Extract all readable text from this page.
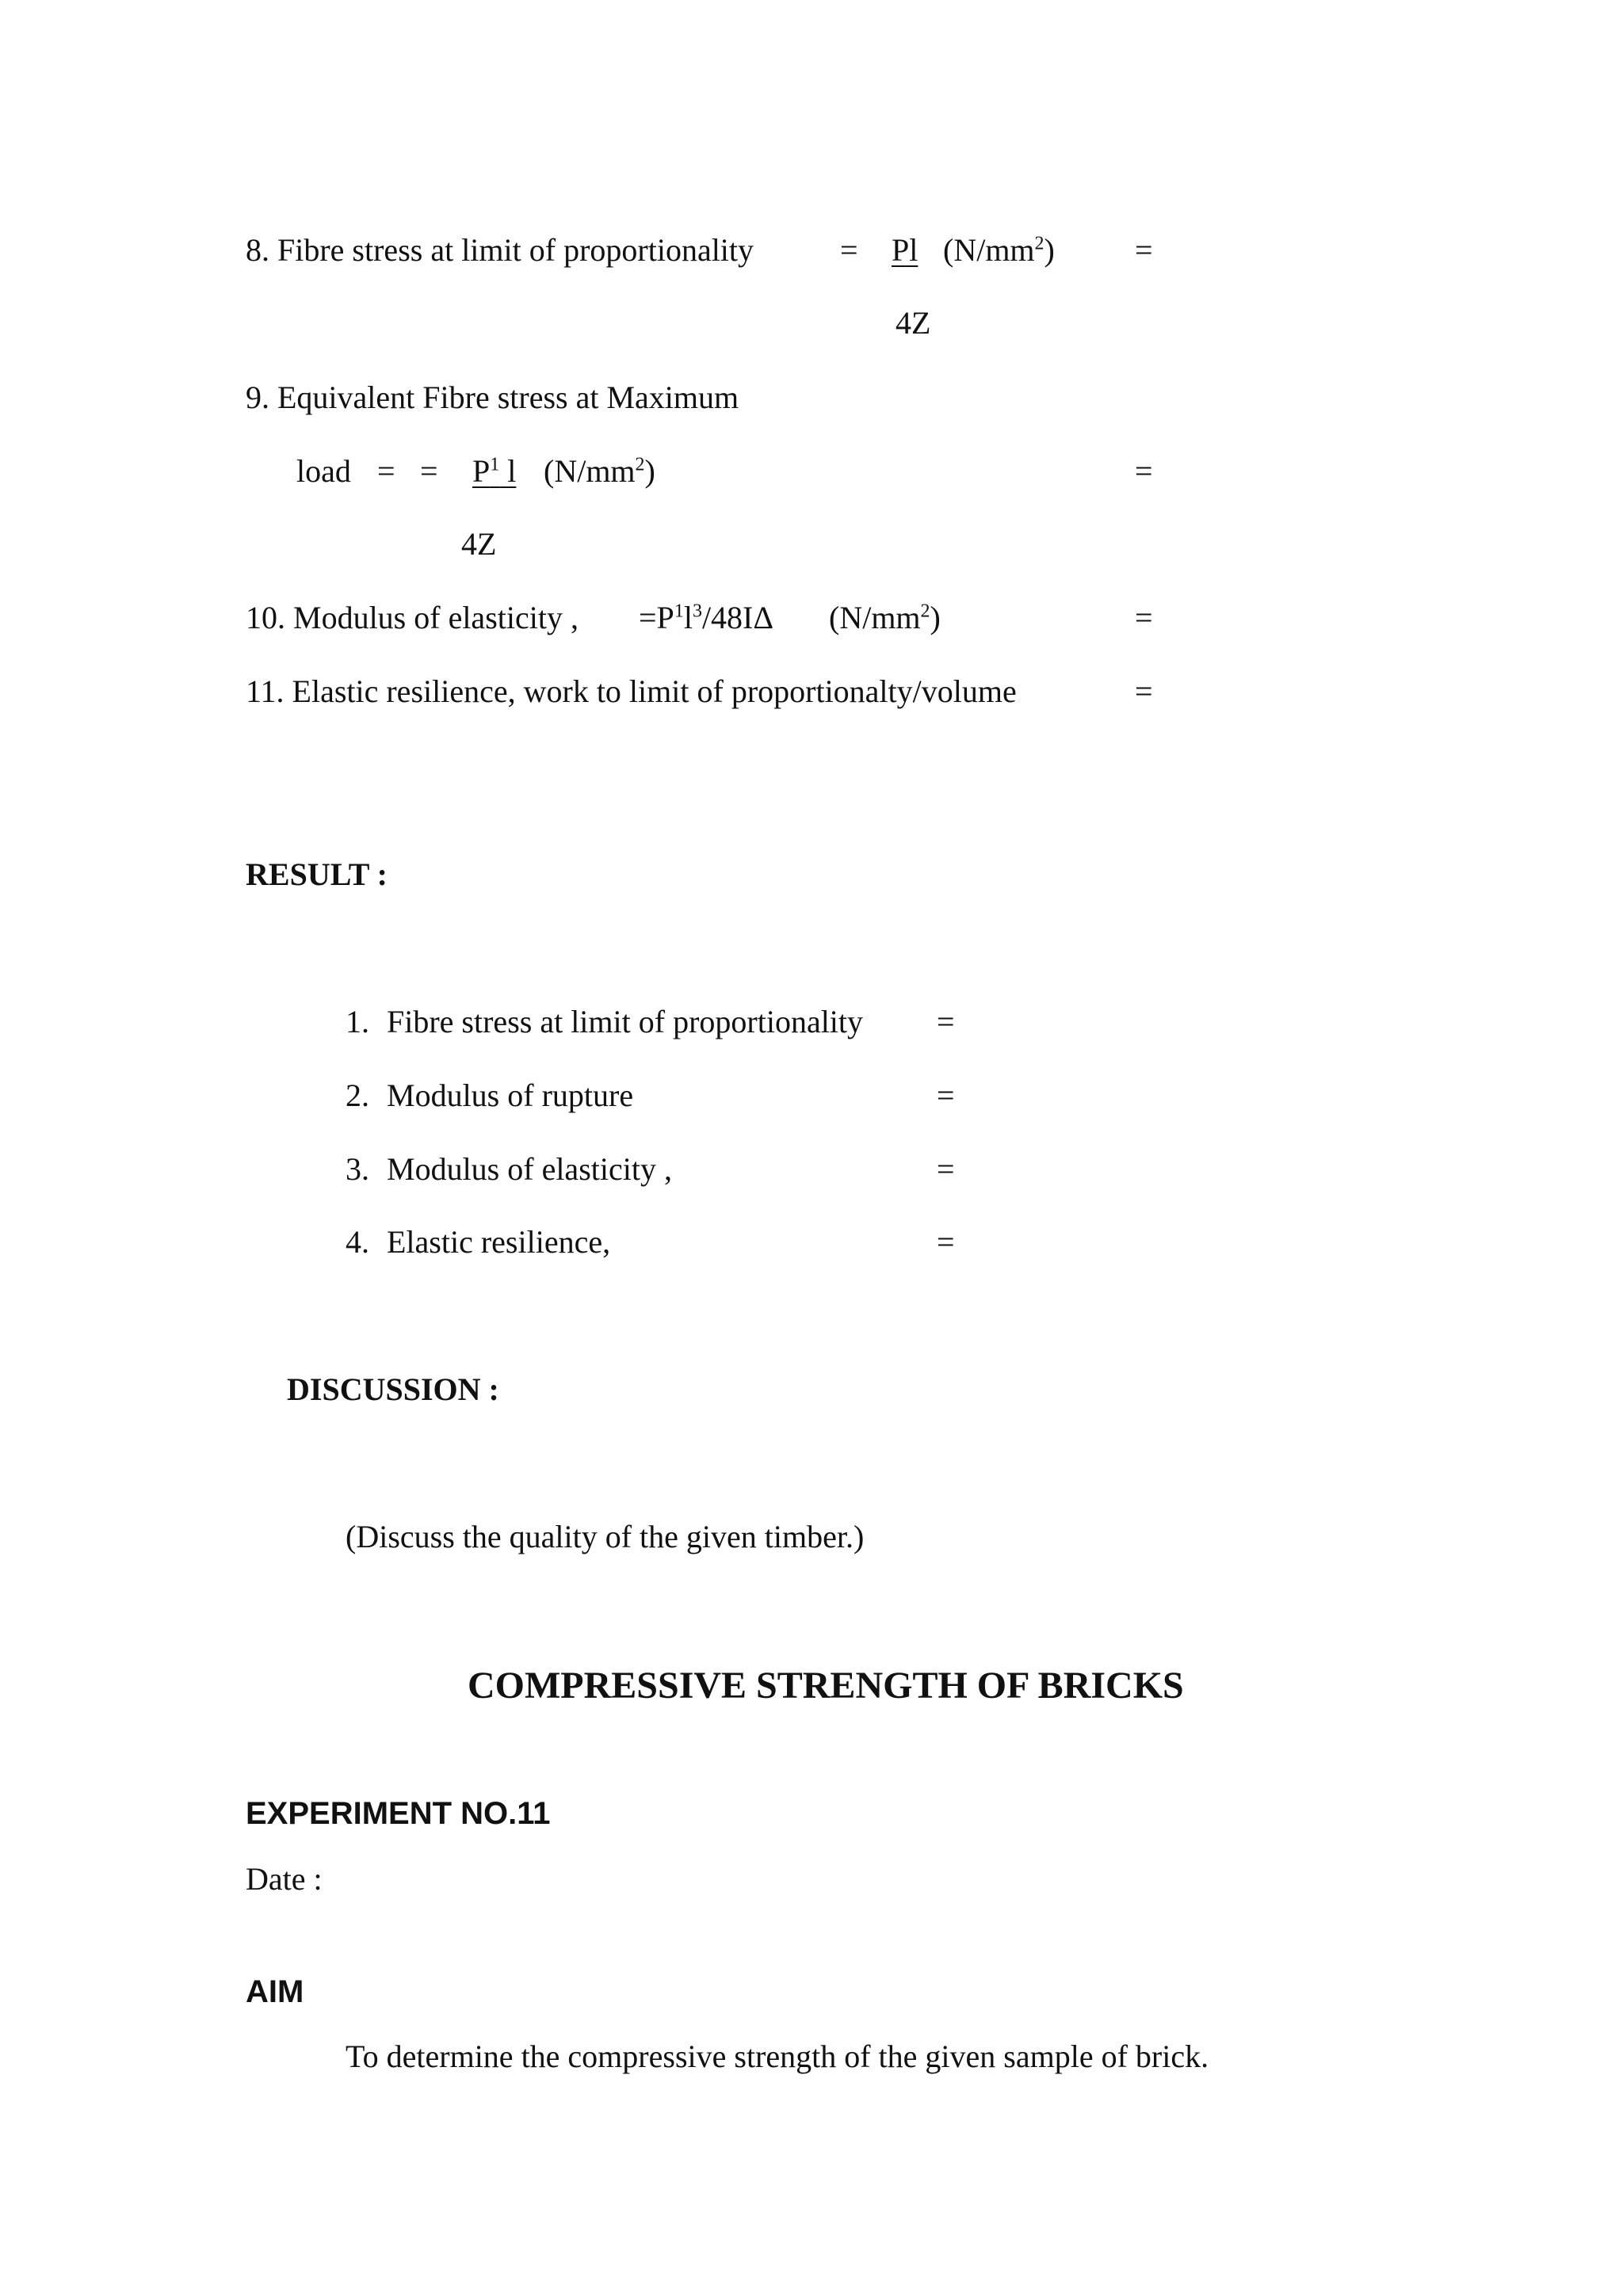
8. Fibre stress at limit of proportionality	= Pl $(N/mm^2)$	=
4Z
9. Equivalent Fibre stress at Maximum
load = = $P^1$ l $(N/mm^2)$	=
4Z
10. Modulus of elasticity , $=P^1l^3/48I\Delta$ $(N/mm^2)$	=
11. Elastic resilience, work to limit of proportionalty/volume	=
RESULT :
1. Fibre stress at limit of proportionality =
2. Modulus of rupture	=
3. Modulus of elasticity ,	=
4. Elastic resilience,	=
DISCUSSION :
(Discuss the quality of the given timber.)
COMPRESSIVE STRENGTH OF BRICKS
EXPERIMENT NO.11
Date :
AIM
To determine the compressive strength of the given sample of brick.
